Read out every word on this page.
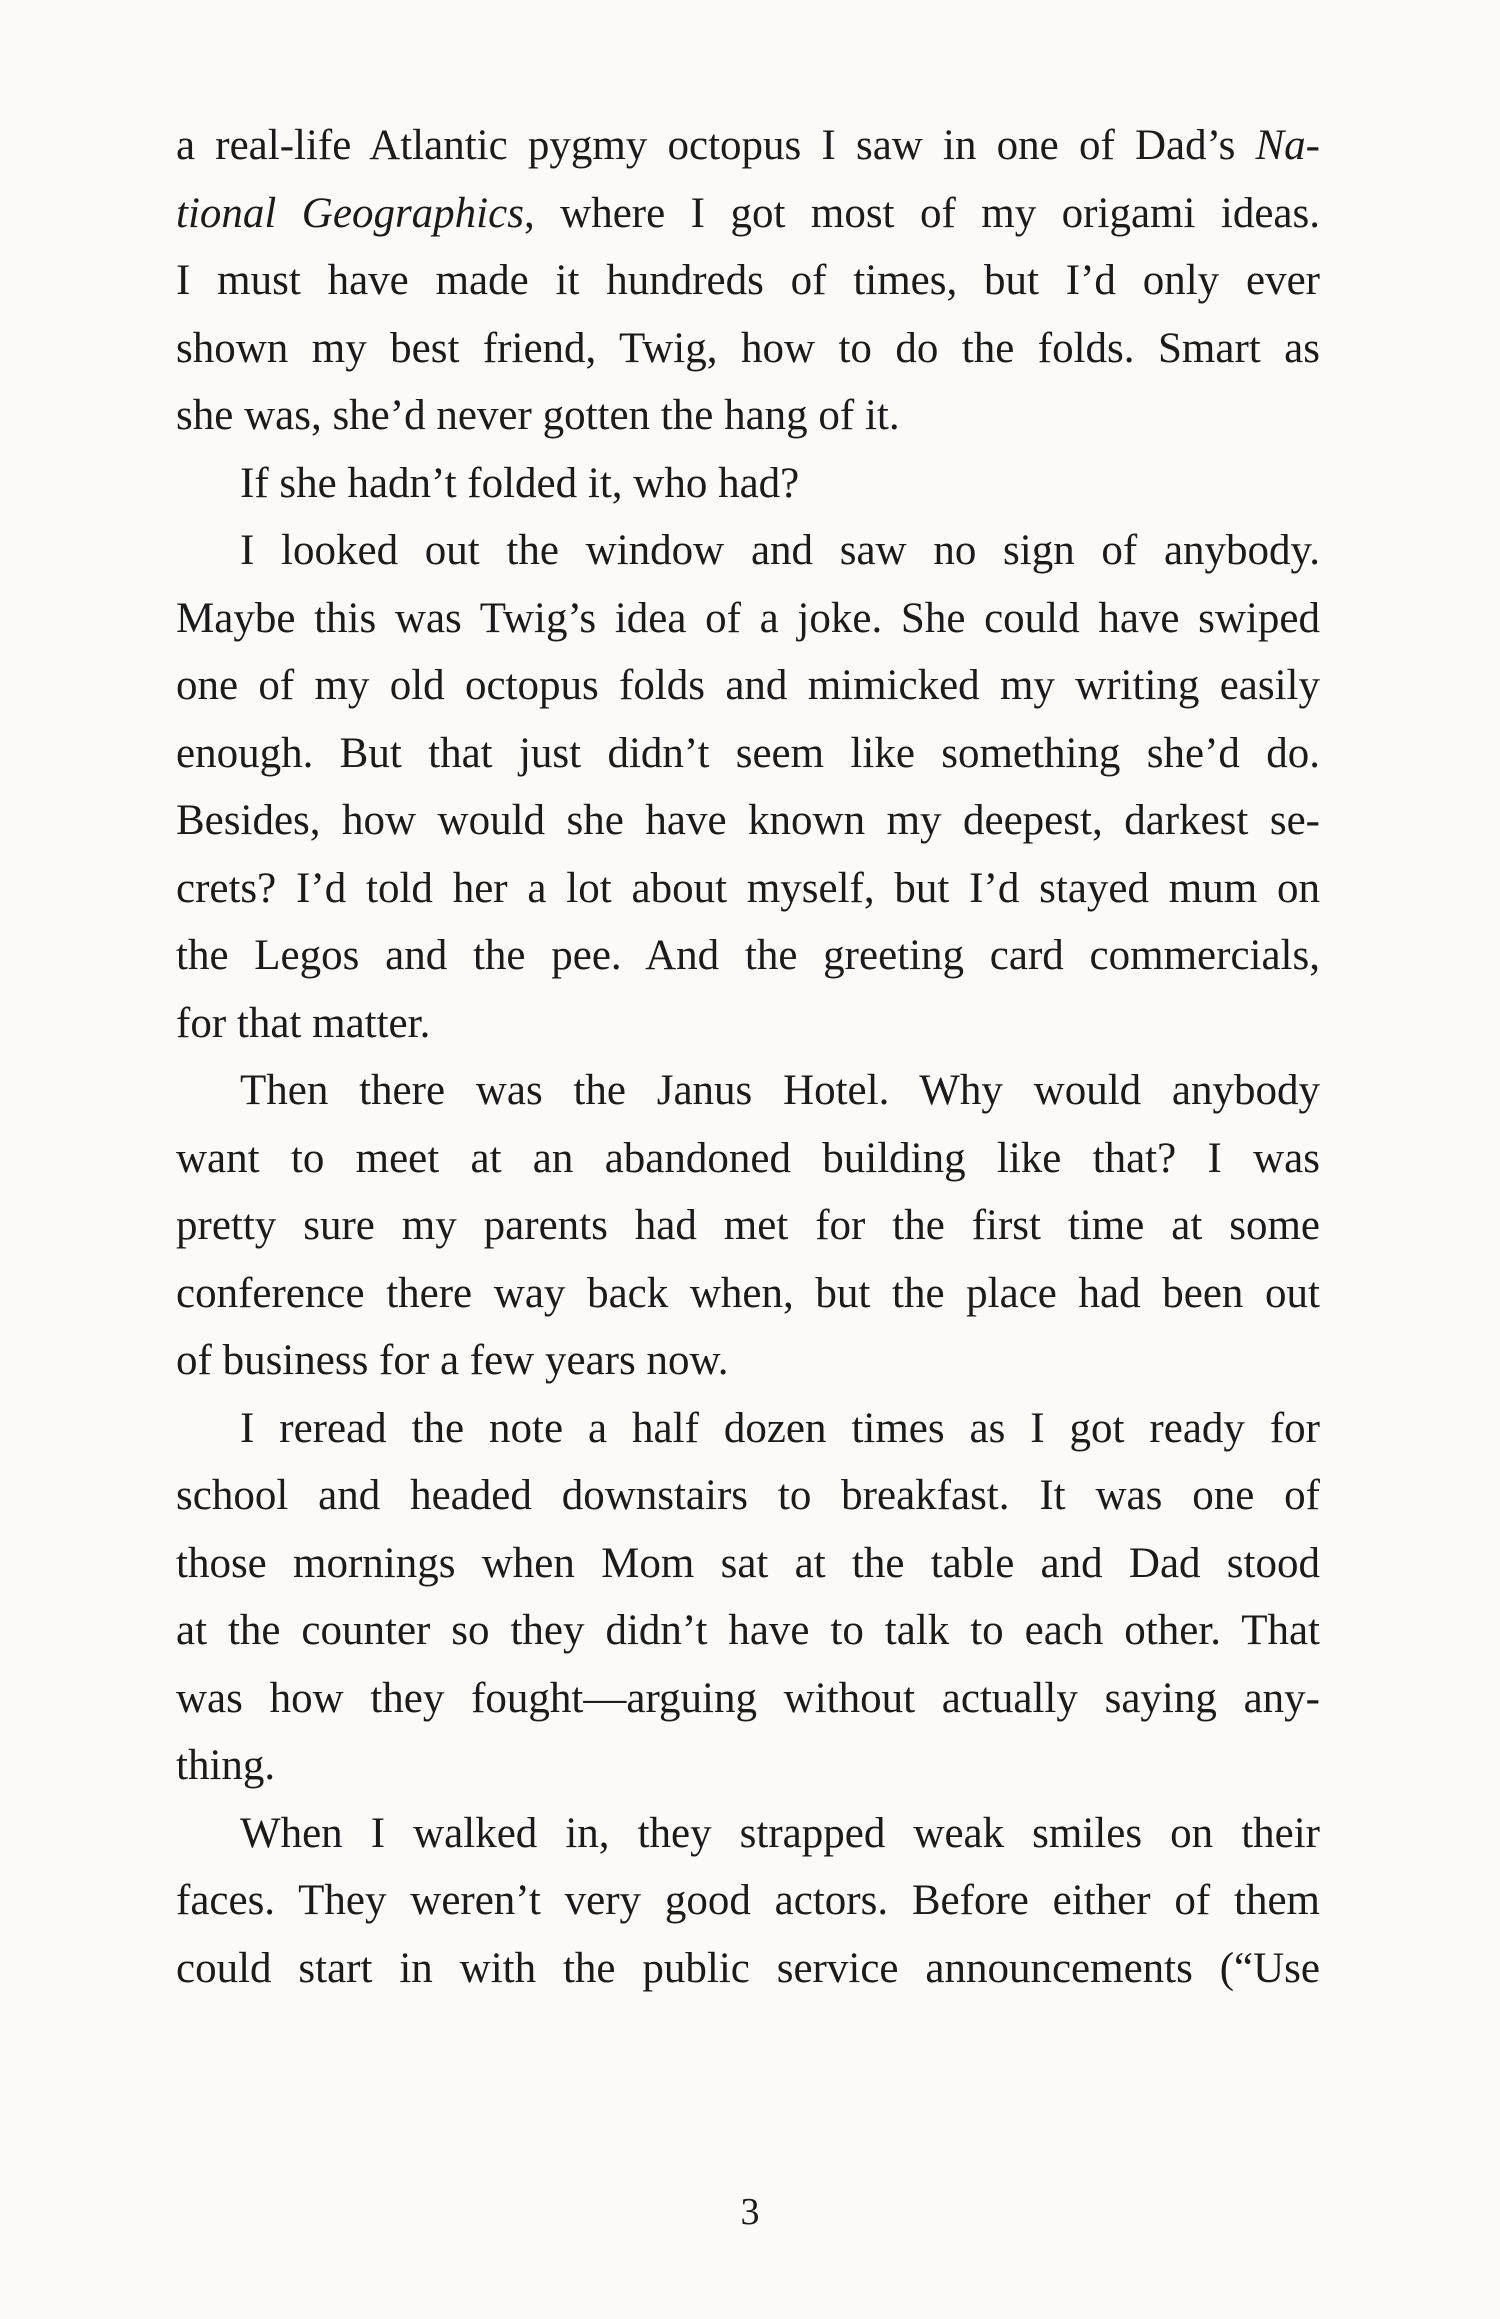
a real-life Atlantic pygmy octopus I saw in one of Dad’s Na-
tional Geographics, where I got most of my origami ideas.
I must have made it hundreds of times, but I’d only ever
shown my best friend, Twig, how to do the folds. Smart as
she was, she’d never gotten the hang of it.
If she hadn’t folded it, who had?
I looked out the window and saw no sign of anybody.
Maybe this was Twig’s idea of a joke. She could have swiped
one of my old octopus folds and mimicked my writing easily
enough. But that just didn’t seem like something she’d do.
Besides, how would she have known my deepest, darkest se-
crets? I’d told her a lot about myself, but I’d stayed mum on
the Legos and the pee. And the greeting card commercials,
for that matter.
Then there was the Janus Hotel. Why would anybody
want to meet at an abandoned building like that? I was
pretty sure my parents had met for the first time at some
conference there way back when, but the place had been out
of business for a few years now.
I reread the note a half dozen times as I got ready for
school and headed downstairs to breakfast. It was one of
those mornings when Mom sat at the table and Dad stood
at the counter so they didn’t have to talk to each other. That
was how they fought—arguing without actually saying any-
thing.
When I walked in, they strapped weak smiles on their
faces. They weren’t very good actors. Before either of them
could start in with the public service announcements (“Use
3
